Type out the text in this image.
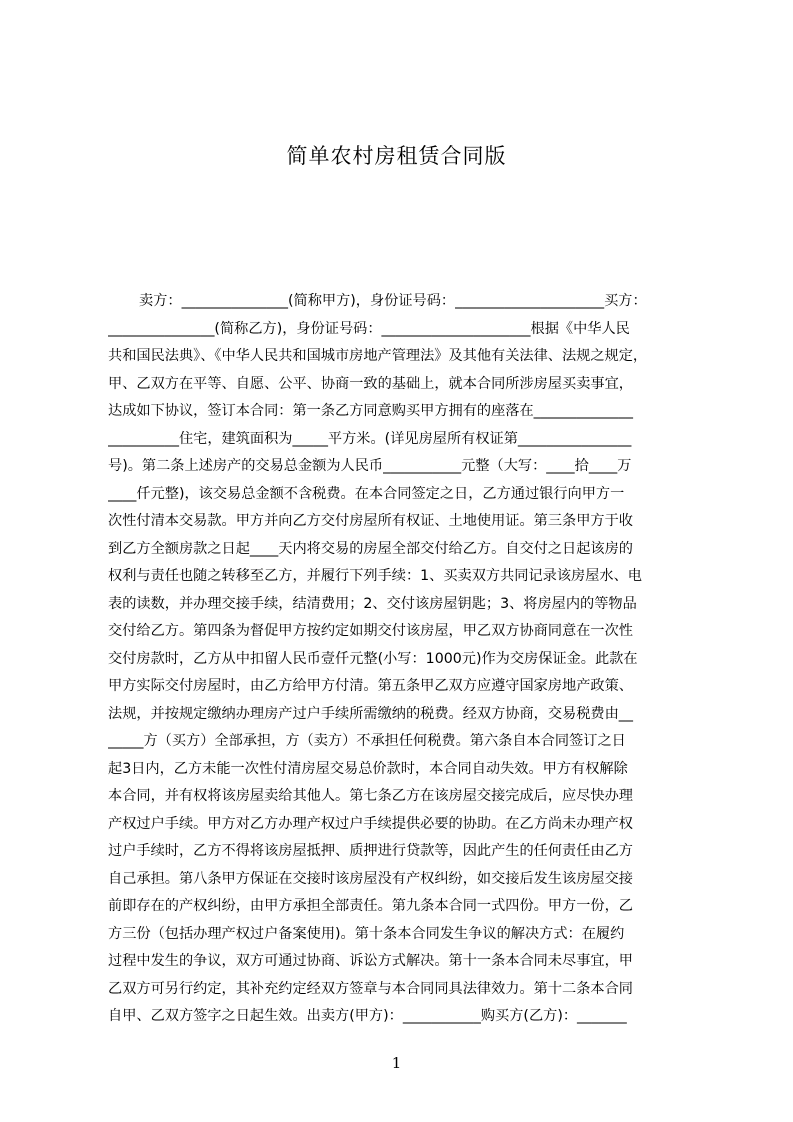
简单农村房租赁合同版
卖方：_______________(简称甲方)，身份证号码：_____________________买方：
_______________(简称乙方)，身份证号码：_____________________根据《中华人民
共和国民法典》、《中华人民共和国城市房地产管理法》及其他有关法律、法规之规定，
甲、乙双方在平等、自愿、公平、协商一致的基础上，就本合同所涉房屋买卖事宜，
达成如下协议，签订本合同：第一条乙方同意购买甲方拥有的座落在______________
__________住宅，建筑面积为_____平方米。(详见房屋所有权证第________________
号)。第二条上述房产的交易总金额为人民币___________元整（大写：____拾____万
____仟元整)，该交易总金额不含税费。在本合同签定之日，乙方通过银行向甲方一
次性付清本交易款。甲方并向乙方交付房屋所有权证、土地使用证。第三条甲方于收
到乙方全额房款之日起____天内将交易的房屋全部交付给乙方。自交付之日起该房的
权利与责任也随之转移至乙方，并履行下列手续：1、买卖双方共同记录该房屋水、电
表的读数，并办理交接手续，结清费用；2、交付该房屋钥匙；3、将房屋内的等物品
交付给乙方。第四条为督促甲方按约定如期交付该房屋，甲乙双方协商同意在一次性
交付房款时，乙方从中扣留人民币壹仟元整(小写：1000元)作为交房保证金。此款在
甲方实际交付房屋时，由乙方给甲方付清。第五条甲乙双方应遵守国家房地产政策、
法规，并按规定缴纳办理房产过户手续所需缴纳的税费。经双方协商，交易税费由__
_____方（买方）全部承担，方（卖方）不承担任何税费。第六条自本合同签订之日
起3日内，乙方未能一次性付清房屋交易总价款时，本合同自动失效。甲方有权解除
本合同，并有权将该房屋卖给其他人。第七条乙方在该房屋交接完成后，应尽快办理
产权过户手续。甲方对乙方办理产权过户手续提供必要的协助。在乙方尚未办理产权
过户手续时，乙方不得将该房屋抵押、质押进行贷款等，因此产生的任何责任由乙方
自己承担。第八条甲方保证在交接时该房屋没有产权纠纷，如交接后发生该房屋交接
前即存在的产权纠纷，由甲方承担全部责任。第九条本合同一式四份。甲方一份，乙
方三份（包括办理产权过户备案使用)。第十条本合同发生争议的解决方式：在履约
过程中发生的争议，双方可通过协商、诉讼方式解决。第十一条本合同未尽事宜，甲
乙双方可另行约定，其补充约定经双方签章与本合同同具法律效力。第十二条本合同
自甲、乙双方签字之日起生效。出卖方(甲方)：___________购买方(乙方)：_______
1
